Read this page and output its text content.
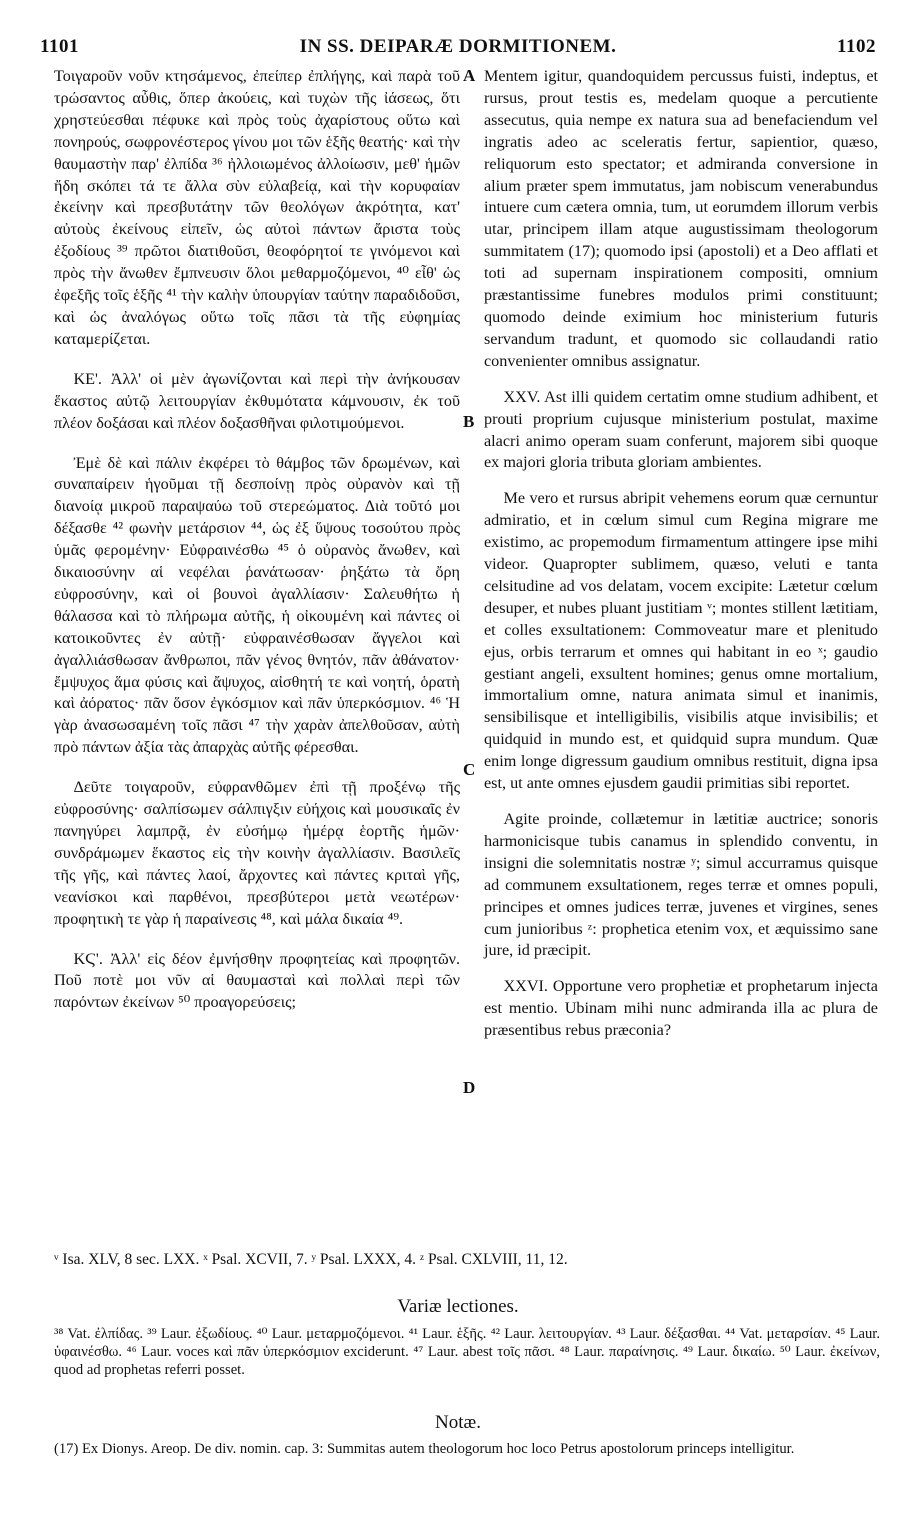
1101	IN SS. DEIPARÆ DORMITIONEM.	1102

Τοιγαροῦν νοῦν κτησάμενος, ἐπείπερ ἐπλήγης, καὶ παρὰ τοῦ τρώσαντος αὖθις, ὅπερ ἀκούεις, καὶ τυχὼν τῆς ἰάσεως, ὅτι χρηστεύεσθαι πέφυκε καὶ πρὸς τοὺς ἀχαρίστους οὕτω καὶ πονηρούς, σωφρονέστερος γίνου μοι τῶν ἑξῆς θεατής· καὶ τὴν θαυμαστὴν παρ' ἐλπίδα ³⁶ ἠλλοιωμένος ἀλλοίωσιν, μεθ' ἡμῶν ἤδη σκόπει τά τε ἄλλα σὺν εὐλαβείᾳ, καὶ τὴν κορυφαίαν ἐκείνην καὶ πρεσβυτάτην τῶν θεολόγων ἀκρότητα, κατ' αὐτοὺς ἐκείνους εἰπεῖν, ὡς αὐτοὶ πάντων ἄριστα τοὺς ἐξοδίους ³⁹ πρῶτοι διατιθοῦσι, θεοφόρητοί τε γινόμενοι καὶ πρὸς τὴν ἄνωθεν ἔμπνευσιν ὅλοι μεθαρμοζόμενοι, ⁴⁰ εἶθ' ὡς ἐφεξῆς τοῖς ἑξῆς ⁴¹ τὴν καλὴν ὑπουργίαν ταύτην παραδιδοῦσι, καὶ ὡς ἀναλόγως οὕτω τοῖς πᾶσι τὰ τῆς εὐφημίας καταμερίζεται.

ΚΕ'. Ἀλλ' οἱ μὲν ἀγωνίζονται καὶ περὶ τὴν ἀνήκουσαν ἕκαστος αὐτῷ λειτουργίαν ἐκθυμότατα κάμνουσιν, ἐκ τοῦ πλέον δοξάσαι καὶ πλέον δοξασθῆναι φιλοτιμούμενοι.

Ἐμὲ δὲ καὶ πάλιν ἐκφέρει τὸ θάμβος τῶν δρωμένων, καὶ συναπαίρειν ἡγοῦμαι τῇ δεσποίνῃ πρὸς οὐρανὸν καὶ τῇ διανοίᾳ μικροῦ παραψαύω τοῦ στερεώματος. Διὰ τοῦτό μοι δέξασθε ⁴² φωνὴν μετάρσιον ⁴⁴, ὡς ἐξ ὕψους τοσούτου πρὸς ὑμᾶς φερομένην· Εὐφραινέσθω ⁴⁵ ὁ οὐρανὸς ἄνωθεν, καὶ δικαιοσύνην αἱ νεφέλαι ῥανάτωσαν· ῥηξάτω τὰ ὄρη εὐφροσύνην, καὶ οἱ βουνοὶ ἀγαλλίασιν· Σαλευθήτω ἡ θάλασσα καὶ τὸ πλήρωμα αὐτῆς, ἡ οἰκουμένη καὶ πάντες οἱ κατοικοῦντες ἐν αὐτῇ· εὐφραινέσθωσαν ἄγγελοι καὶ ἀγαλλιάσθωσαν ἄνθρωποι, πᾶν γένος θνητόν, πᾶν ἀθάνατον· ἔμψυχος ἅμα φύσις καὶ ἄψυχος, αἰσθητή τε καὶ νοητή, ὁρατὴ καὶ ἀόρατος· πᾶν ὅσον ἐγκόσμιον καὶ πᾶν ὑπερκόσμιον. ⁴⁶ Ἡ γὰρ ἀνασωσαμένη τοῖς πᾶσι ⁴⁷ τὴν χαρὰν ἀπελθοῦσαν, αὐτὴ πρὸ πάντων ἀξία τὰς ἀπαρχὰς αὐτῆς φέρεσθαι.

Δεῦτε τοιγαροῦν, εὐφρανθῶμεν ἐπὶ τῇ προξένῳ τῆς εὐφροσύνης· σαλπίσωμεν σάλπιγξιν εὐήχοις καὶ μουσικαῖς ἐν πανηγύρει λαμπρᾷ, ἐν εὐσήμῳ ἡμέρᾳ ἑορτῆς ἡμῶν· συνδράμωμεν ἕκαστος εἰς τὴν κοινὴν ἀγαλλίασιν. Βασιλεῖς τῆς γῆς, καὶ πάντες λαοί, ἄρχοντες καὶ πάντες κριταὶ γῆς, νεανίσκοι καὶ παρθένοι, πρεσβύτεροι μετὰ νεωτέρων· προφητικὴ τε γὰρ ἡ παραίνεσις ⁴⁸, καὶ μάλα δικαία ⁴⁹.

ΚϚ'. Ἀλλ' εἰς δέον ἐμνήσθην προφητείας καὶ προφητῶν. Ποῦ ποτὲ μοι νῦν αἱ θαυμασταὶ καὶ πολλαὶ περὶ τῶν παρόντων ἐκείνων ⁵⁰ προαγορεύσεις;

A
B
C
D

Mentem igitur, quandoquidem percussus fuisti, indeptus, et rursus, prout testis es, medelam quoque a percutiente assecutus, quia nempe ex natura sua ad benefaciendum vel ingratis adeo ac sceleratis fertur, sapientior, quæso, reliquorum esto spectator; et admiranda conversione in alium præter spem immutatus, jam nobiscum venerabundus intuere cum cætera omnia, tum, ut eorumdem illorum verbis utar, principem illam atque augustissimam theologorum summitatem (17); quomodo ipsi (apostoli) et a Deo afflati et toti ad supernam inspirationem compositi, omnium præstantissime funebres modulos primi constituunt; quomodo deinde eximium hoc ministerium futuris servandum tradunt, et quomodo sic collaudandi ratio convenienter omnibus assignatur.

XXV. Ast illi quidem certatim omne studium adhibent, et prouti proprium cujusque ministerium postulat, maxime alacri animo operam suam conferunt, majorem sibi quoque ex majori gloria tributa gloriam ambientes.

Me vero et rursus abripit vehemens eorum quæ cernuntur admiratio, et in cœlum simul cum Regina migrare me existimo, ac propemodum firmamentum attingere ipse mihi videor. Quapropter sublimem, quæso, veluti e tanta celsitudine ad vos delatam, vocem excipite: Lætetur cœlum desuper, et nubes pluant justitiam ᵛ; montes stillent lætitiam, et colles exsultationem: Commoveatur mare et plenitudo ejus, orbis terrarum et omnes qui habitant in eo ˣ; gaudio gestiant angeli, exsultent homines; genus omne mortalium, immortalium omne, natura animata simul et inanimis, sensibilisque et intelligibilis, visibilis atque invisibilis; et quidquid in mundo est, et quidquid supra mundum. Quæ enim longe digressum gaudium omnibus restituit, digna ipsa est, ut ante omnes ejusdem gaudii primitias sibi reportet.

Agite proinde, collætemur in lætitiæ auctrice; sonoris harmonicisque tubis canamus in splendido conventu, in insigni die solemnitatis nostræ ʸ; simul accurramus quisque ad communem exsultationem, reges terræ et omnes populi, principes et omnes judices terræ, juvenes et virgines, senes cum junioribus ᶻ: prophetica etenim vox, et æquissimo sane jure, id præcipit.

XXVI. Opportune vero prophetiæ et prophetarum injecta est mentio. Ubinam mihi nunc admiranda illa ac plura de præsentibus rebus præconia?

ᵛ Isa. XLV, 8 sec. LXX. ˣ Psal. XCVII, 7. ʸ Psal. LXXX, 4. ᶻ Psal. CXLVIII, 11, 12.
Variæ lectiones.
³⁸ Vat. ἐλπίδας. ³⁹ Laur. ἐξωδίους. ⁴⁰ Laur. μεταρμοζόμενοι. ⁴¹ Laur. ἑξῆς. ⁴² Laur. λειτουργίαν. ⁴³ Laur. δέξασθαι. ⁴⁴ Vat. μεταρσίαν. ⁴⁵ Laur. ὑφαινέσθω. ⁴⁶ Laur. voces καὶ πᾶν ὑπερκόσμιον exciderunt. ⁴⁷ Laur. abest τοῖς πᾶσι. ⁴⁸ Laur. παραίνησις. ⁴⁹ Laur. δικαίω. ⁵⁰ Laur. ἐκείνων, quod ad prophetas referri posset.
Notæ.
(17) Ex Dionys. Areop. De div. nomin. cap. 3: Summitas autem theologorum hoc loco Petrus apostolorum princeps intelligitur.
